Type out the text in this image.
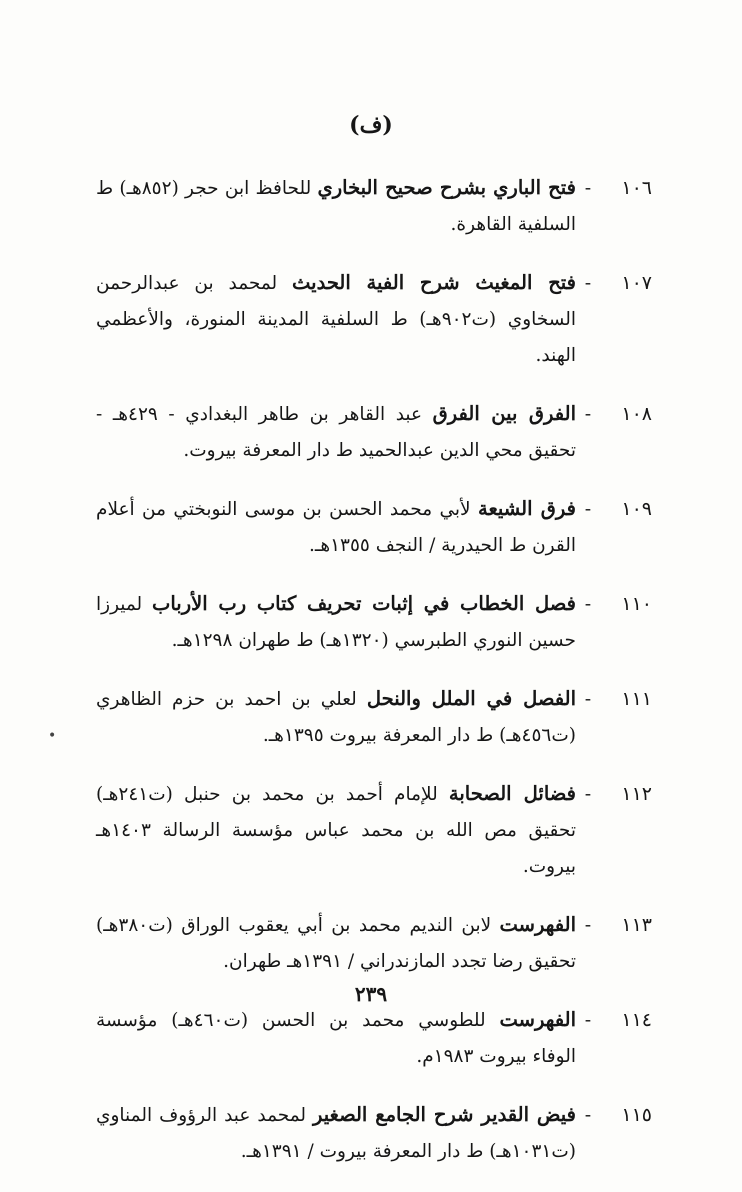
(ف)
١٠٦
-
فتح الباري بشرح صحيح البخاري للحافظ ابن حجر (٨٥٢هـ) ط السلفية القاهرة.
١٠٧
-
فتح المغيث شرح الفية الحديث لمحمد بن عبدالرحمن السخاوي (ت٩٠٢هـ) ط السلفية المدينة المنورة، والأعظمي الهند.
١٠٨
-
الفرق بين الفرق عبد القاهر بن طاهر البغدادي - ٤٢٩هـ - تحقيق محي الدين عبدالحميد ط دار المعرفة بيروت.
١٠٩
-
فرق الشيعة لأبي محمد الحسن بن موسى النوبختي من أعلام القرن ط الحيدرية / النجف ١٣٥٥هـ.
١١٠
-
فصل الخطاب في إثبات تحريف كتاب رب الأرباب لميرزا حسين النوري الطبرسي (١٣٢٠هـ) ط طهران ١٢٩٨هـ.
١١١
-
الفصل في الملل والنحل لعلي بن احمد بن حزم الظاهري (ت٤٥٦هـ) ط دار المعرفة بيروت ١٣٩٥هـ.
١١٢
-
فضائل الصحابة للإمام أحمد بن محمد بن حنبل (ت٢٤١هـ) تحقيق مص الله بن محمد عباس مؤسسة الرسالة ١٤٠٣هـ بيروت.
١١٣
-
الفهرست لابن النديم محمد بن أبي يعقوب الوراق (ت٣٨٠هـ) تحقيق رضا تجدد المازندراني / ١٣٩١هـ طهران.
١١٤
-
الفهرست للطوسي محمد بن الحسن (ت٤٦٠هـ) مؤسسة الوفاء بيروت ١٩٨٣م.
١١٥
-
فيض القدير شرح الجامع الصغير لمحمد عبد الرؤوف المناوي (ت١٠٣١هـ) ط دار المعرفة بيروت / ١٣٩١هـ.
•
٢٣٩
